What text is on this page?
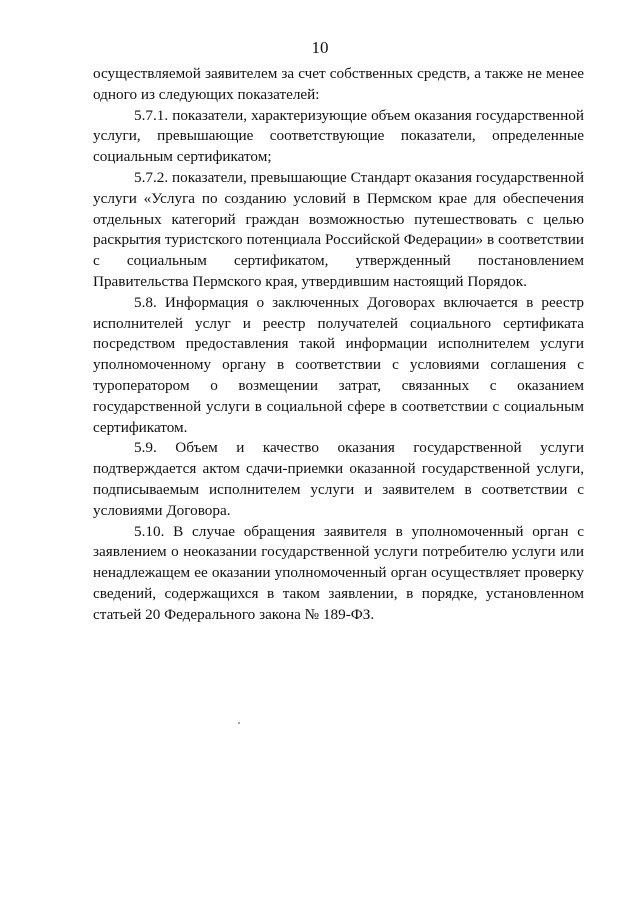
10

осуществляемой заявителем за счет собственных средств, а также не менее одного из следующих показателей:

5.7.1. показатели, характеризующие объем оказания государственной услуги, превышающие соответствующие показатели, определенные социальным сертификатом;

5.7.2. показатели, превышающие Стандарт оказания государственной услуги «Услуга по созданию условий в Пермском крае для обеспечения отдельных категорий граждан возможностью путешествовать с целью раскрытия туристского потенциала Российской Федерации» в соответствии с социальным сертификатом, утвержденный постановлением Правительства Пермского края, утвердившим настоящий Порядок.

5.8. Информация о заключенных Договорах включается в реестр исполнителей услуг и реестр получателей социального сертификата посредством предоставления такой информации исполнителем услуги уполномоченному органу в соответствии с условиями соглашения с туроператором о возмещении затрат, связанных с оказанием государственной услуги в социальной сфере в соответствии с социальным сертификатом.

5.9. Объем и качество оказания государственной услуги подтверждается актом сдачи-приемки оказанной государственной услуги, подписываемым исполнителем услуги и заявителем в соответствии с условиями Договора.

5.10. В случае обращения заявителя в уполномоченный орган с заявлением о неоказании государственной услуги потребителю услуги или ненадлежащем ее оказании уполномоченный орган осуществляет проверку сведений, содержащихся в таком заявлении, в порядке, установленном статьей 20 Федерального закона № 189-ФЗ.
